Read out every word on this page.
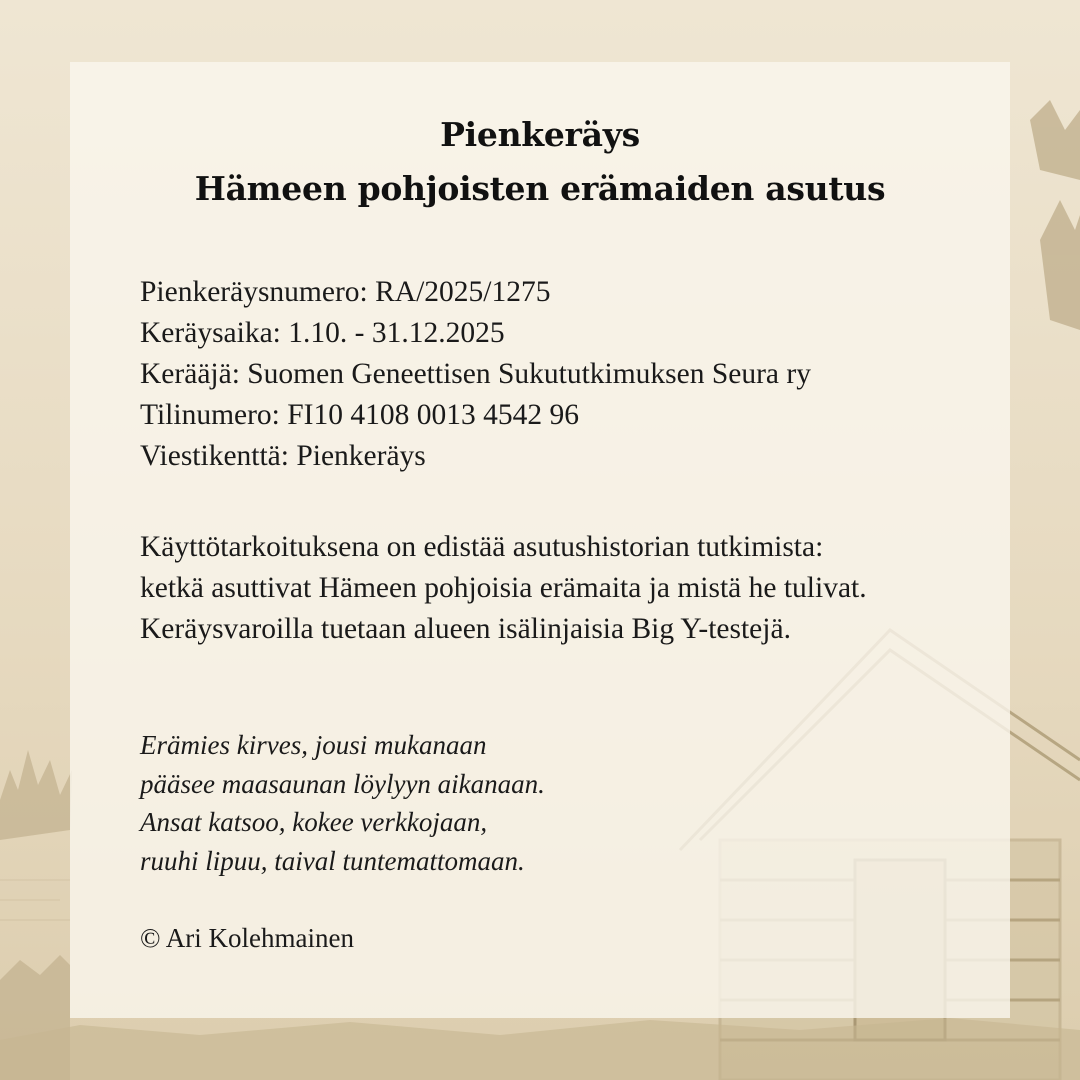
Pienkeräys
Hämeen pohjoisten erämaiden asutus
Pienkeräysnumero: RA/2025/1275
Keräysaika: 1.10. - 31.12.2025
Kerääjä: Suomen Geneettisen Sukututkimuksen Seura ry
Tilinumero: FI10 4108 0013 4542 96
Viestikenttä: Pienkeräys
Käyttötarkoituksena on edistää asutushistorian tutkimista:
ketkä asuttivat Hämeen pohjoisia erämaita ja mistä he tulivat.
Keräysvaroilla tuetaan alueen isälinjaisia Big Y-testejä.
Erämies kirves, jousi mukanaan
pääsee maasaunan löylyyn aikanaan.
Ansat katsoo, kokee verkkojaan,
ruuhi lipuu, taival tuntemattomaan.
© Ari Kolehmainen
